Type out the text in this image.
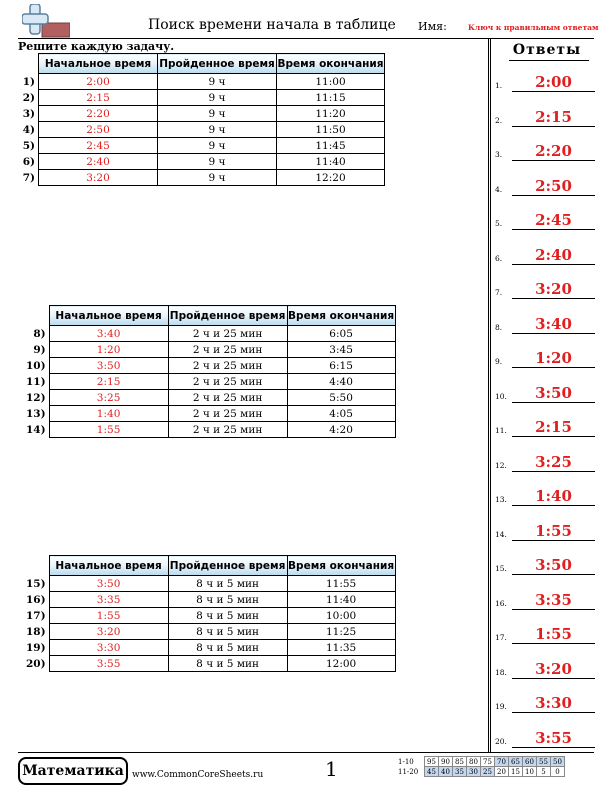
Поиск времени начала в таблице Имя:	Ключ к правильным ответам
Решите каждую задачу.
	Начальное время	Пройденное время	Время окончания
1)	2:00	9 ч	11:00
2)	2:15	9 ч	11:15
3)	2:20	9 ч	11:20
4)	2:50	9 ч	11:50
5)	2:45	9 ч	11:45
6)	2:40	9 ч	11:40
7)	3:20	9 ч	12:20
	Начальное время	Пройденное время	Время окончания
8)	3:40	2 ч и 25 мин	6:05
9)	1:20	2 ч и 25 мин	3:45
10)	3:50	2 ч и 25 мин	6:15
11)	2:15	2 ч и 25 мин	4:40
12)	3:25	2 ч и 25 мин	5:50
13)	1:40	2 ч и 25 мин	4:05
14)	1:55	2 ч и 25 мин	4:20
	Начальное время	Пройденное время	Время окончания
15)	3:50	8 ч и 5 мин	11:55
16)	3:35	8 ч и 5 мин	11:40
17)	1:55	8 ч и 5 мин	10:00
18)	3:20	8 ч и 5 мин	11:25
19)	3:30	8 ч и 5 мин	11:35
20)	3:55	8 ч и 5 мин	12:00
Ответы
1.	2:00
2.	2:15
3.	2:20
4.	2:50
5.	2:45
6.	2:40
7.	3:20
8.	3:40
9.	1:20
10.	3:50
11.	2:15
12.	3:25
13.	1:40
14.	1:55
15.	3:50
16.	3:35
17.	1:55
18.	3:20
19.	3:30
20.	3:55
Математика www.CommonCoreSheets.ru	1	1-10	95	90	85	80	75	70	65	60	55	50
11-20	45	40	35	30	25	20	15	10	5	0
